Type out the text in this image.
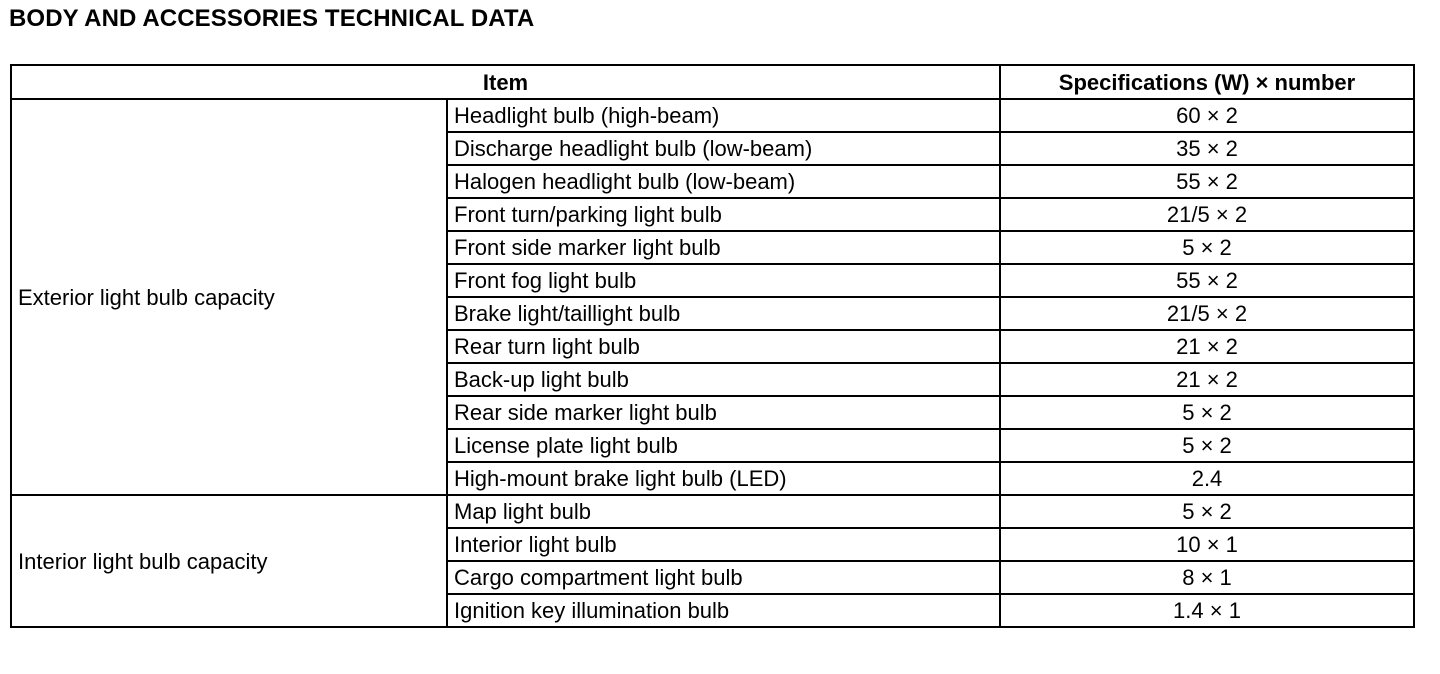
BODY AND ACCESSORIES TECHNICAL DATA
Item		Specifications (W) × number
Exterior light bulb capacity	Headlight bulb (high-beam)	60 × 2
	Discharge headlight bulb (low-beam)	35 × 2
	Halogen headlight bulb (low-beam)	55 × 2
	Front turn/parking light bulb	21/5 × 2
	Front side marker light bulb	5 × 2
	Front fog light bulb	55 × 2
	Brake light/taillight bulb	21/5 × 2
	Rear turn light bulb	21 × 2
	Back-up light bulb	21 × 2
	Rear side marker light bulb	5 × 2
	License plate light bulb	5 × 2
	High-mount brake light bulb (LED)	2.4
Interior light bulb capacity	Map light bulb	5 × 2
	Interior light bulb	10 × 1
	Cargo compartment light bulb	8 × 1
	Ignition key illumination bulb	1.4 × 1
